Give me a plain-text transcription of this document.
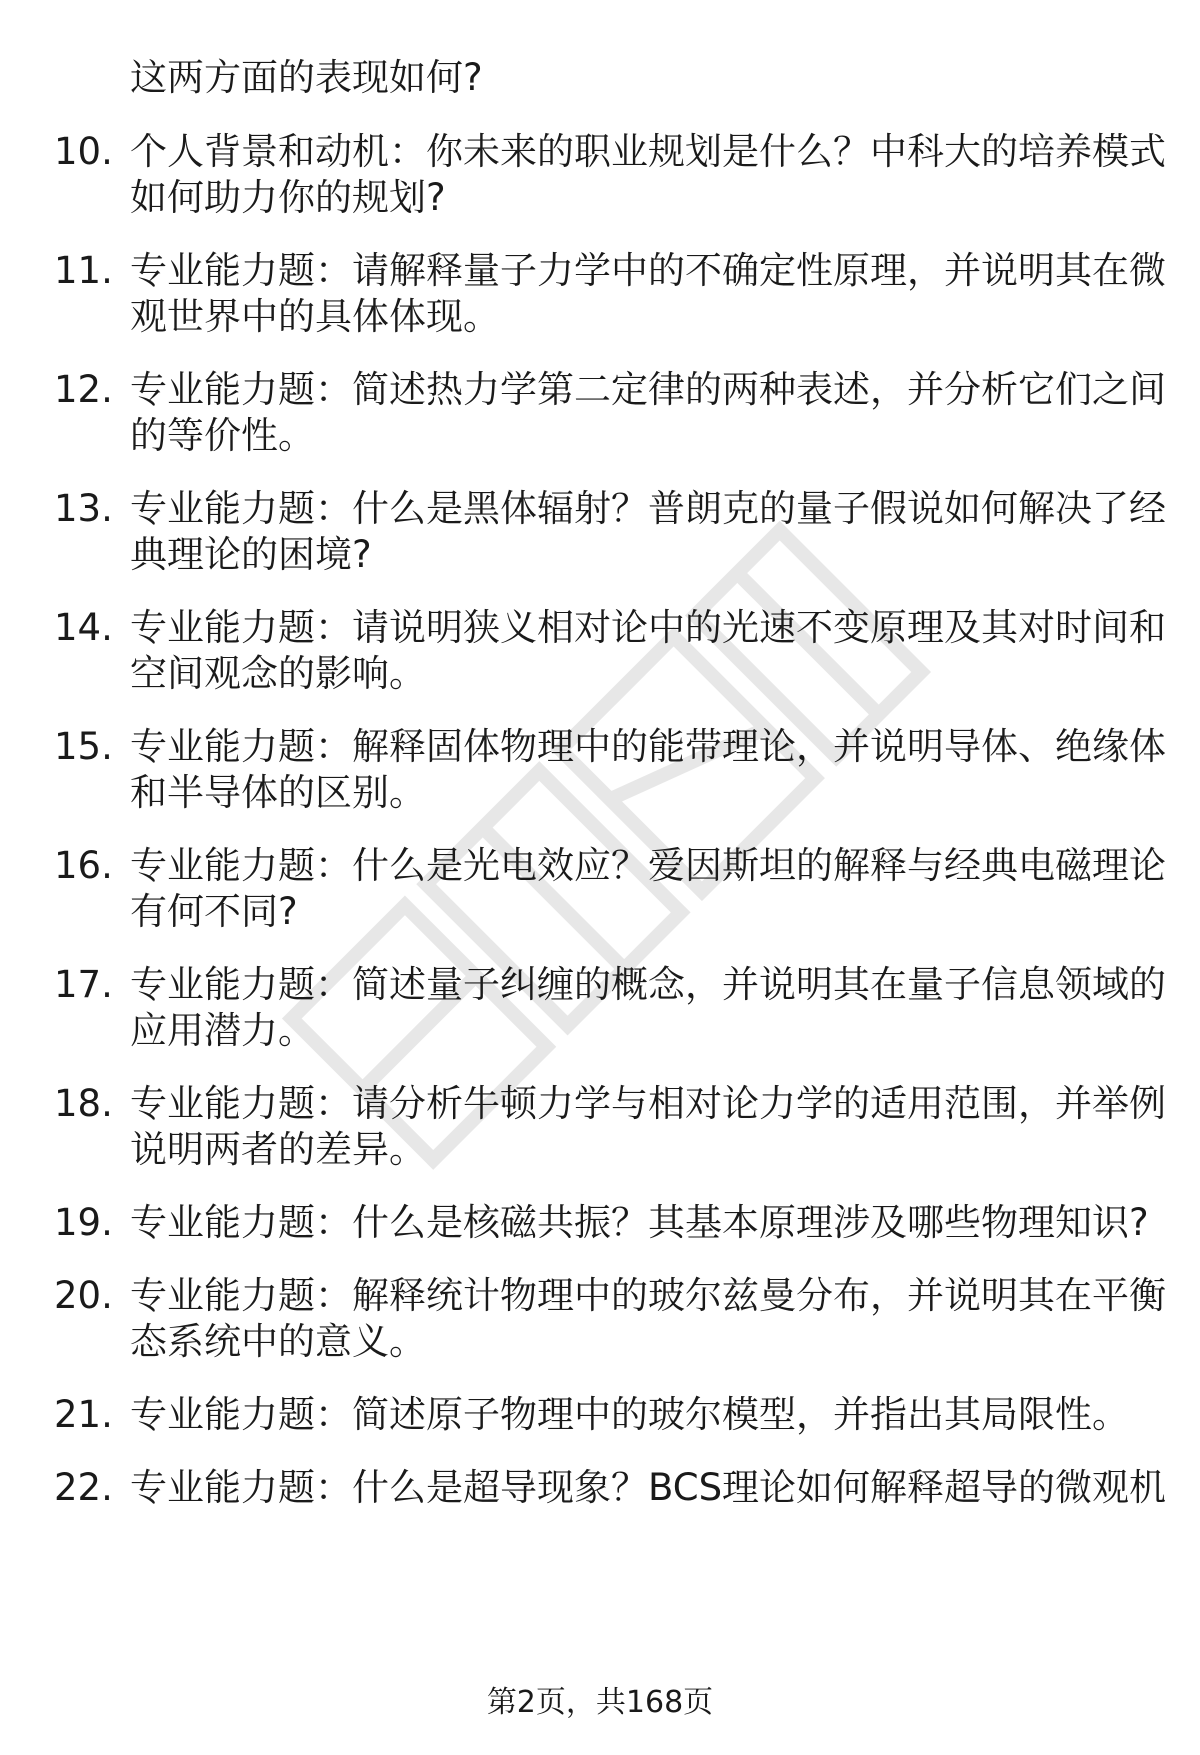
这两方面的表现如何?
10. 个人背景和动机：你未来的职业规划是什么？中科大的培养模式
如何助力你的规划?
11. 专业能力题：请解释量子力学中的不确定性原理，并说明其在微
观世界中的具体体现。
12. 专业能力题：简述热力学第二定律的两种表述，并分析它们之间
的等价性。
13. 专业能力题：什么是黑体辐射？普朗克的量子假说如何解决了经
典理论的困境?
14. 专业能力题：请说明狭义相对论中的光速不变原理及其对时间和
空间观念的影响。
15. 专业能力题：解释固体物理中的能带理论，并说明导体、绝缘体
和半导体的区别。
16. 专业能力题：什么是光电效应？爱因斯坦的解释与经典电磁理论
有何不同?
17. 专业能力题：简述量子纠缠的概念，并说明其在量子信息领域的
应用潜力。
18. 专业能力题：请分析牛顿力学与相对论力学的适用范围，并举例
说明两者的差异。
19. 专业能力题：什么是核磁共振？其基本原理涉及哪些物理知识?
20. 专业能力题：解释统计物理中的玻尔兹曼分布，并说明其在平衡
态系统中的意义。
21. 专业能力题：简述原子物理中的玻尔模型，并指出其局限性。
22. 专业能力题：什么是超导现象？BCS理论如何解释超导的微观机
第2页，共168页
